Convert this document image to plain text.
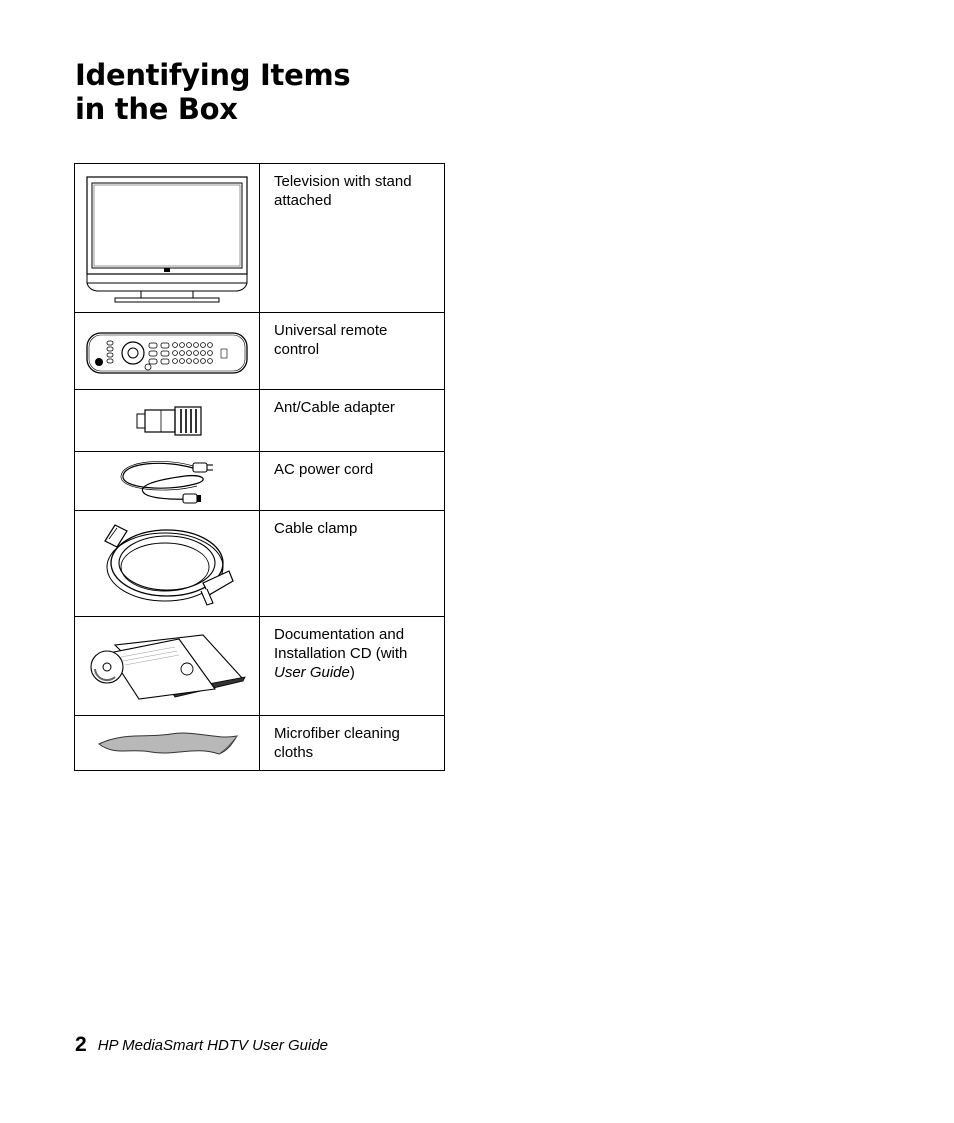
Identifying Items
in the Box
	Television with stand attached

	Universal remote control

	Ant/Cable adapter

	AC power cord

	Cable clamp

	Documentation and Installation CD (with User Guide)

	Microfiber cleaning cloths
2 HP MediaSmart HDTV User Guide
